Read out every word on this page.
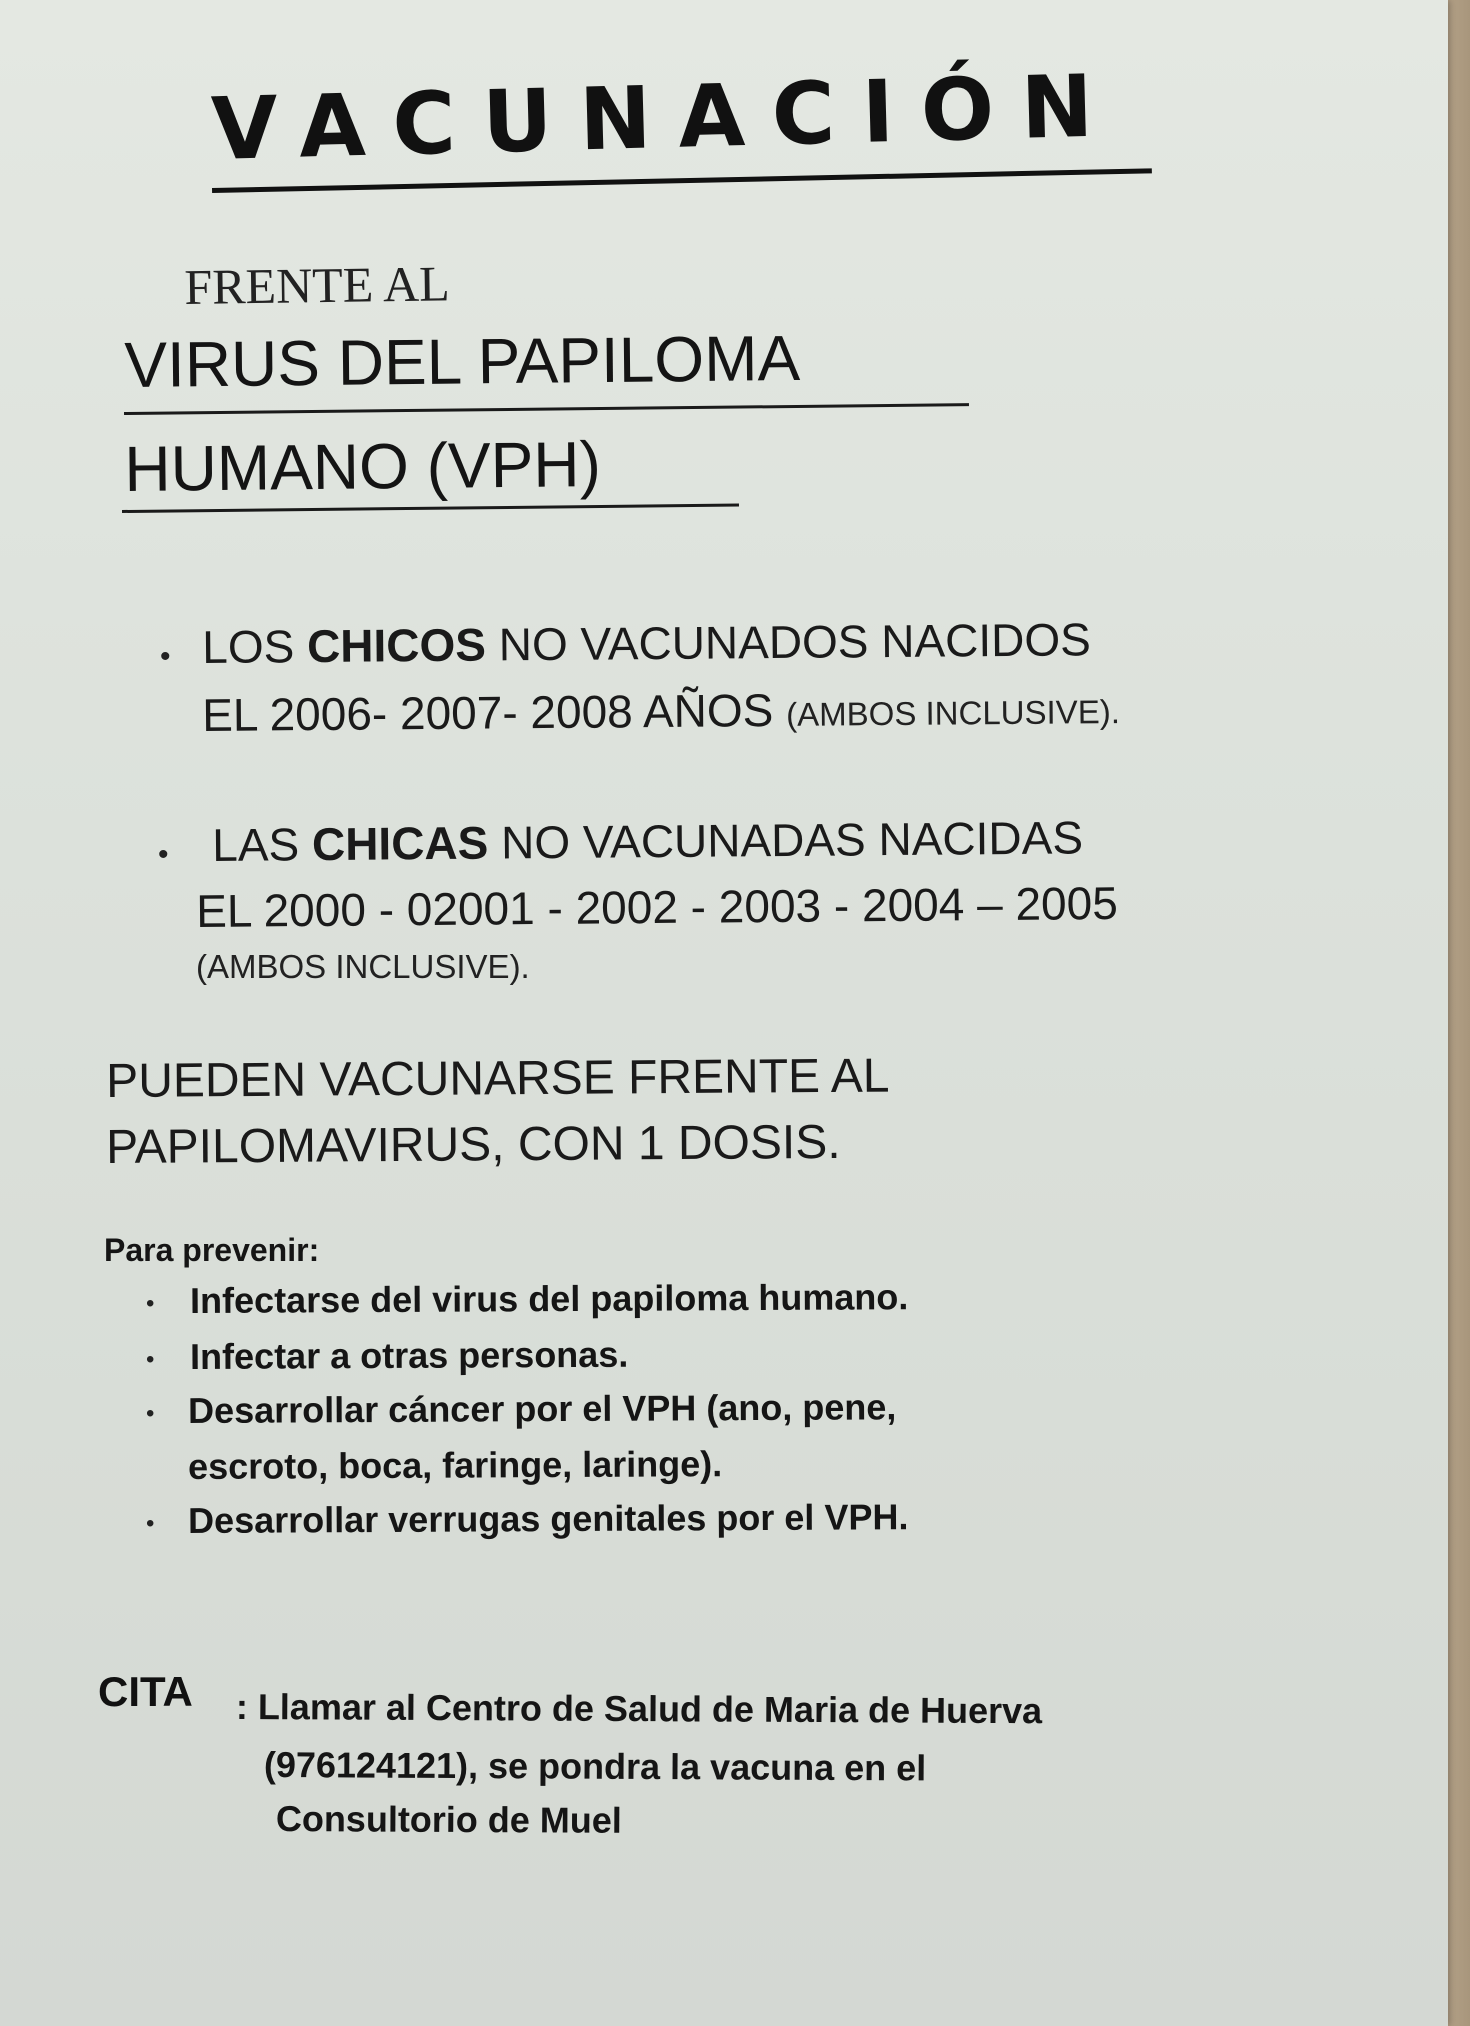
VACUNACIÓN
FRENTE AL
VIRUS DEL PAPILOMA
HUMANO (VPH)
• LOS CHICOS NO VACUNADOS NACIDOS
EL 2006- 2007- 2008 AÑOS (AMBOS INCLUSIVE).
• LAS CHICAS NO VACUNADAS NACIDAS
EL 2000 - 02001 - 2002 - 2003 - 2004 – 2005
(AMBOS INCLUSIVE).
PUEDEN VACUNARSE FRENTE AL
PAPILOMAVIRUS, CON 1 DOSIS.
Para prevenir:
• Infectarse del virus del papiloma humano.
• Infectar a otras personas.
• Desarrollar cáncer por el VPH (ano, pene,
escroto, boca, faringe, laringe).
• Desarrollar verrugas genitales por el VPH.
CITA : Llamar al Centro de Salud de Maria de Huerva
(976124121), se pondra la vacuna en el
Consultorio de Muel
